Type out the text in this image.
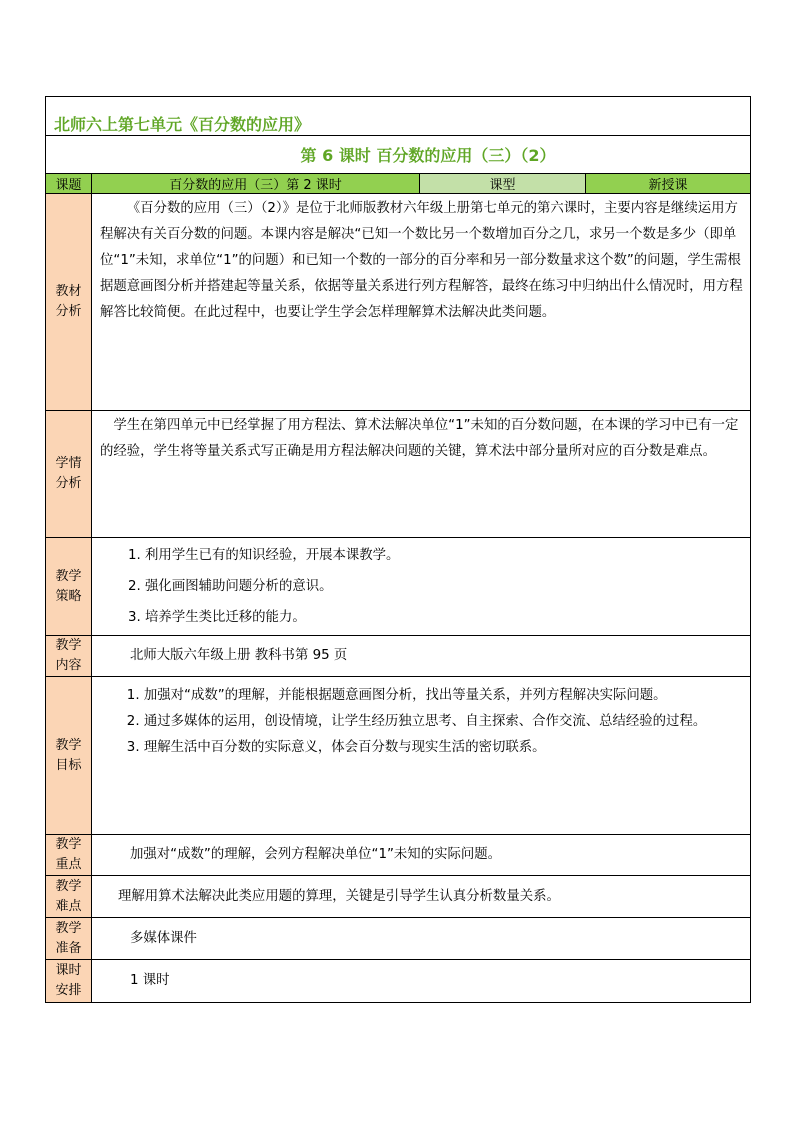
北师六上第七单元《百分数的应用》			
第 6 课时 百分数的应用（三）（2）			
课题	百分数的应用（三）第 2 课时	课型	新授课
教材分析	《百分数的应用（三）（2）》是位于北师版教材六年级上册第七单元的第六课时，主要内容是继续运用方程解决有关百分数的问题。本课内容是解决“已知一个数比另一个数增加百分之几，求另一个数是多少（即单位“1”未知，求单位“1”的问题）和已知一个数的一部分的百分率和另一部分数量求这个数”的问题，学生需根据题意画图分析并搭建起等量关系，依据等量关系进行列方程解答，最终在练习中归纳出什么情况时，用方程解答比较简便。在此过程中，也要让学生学会怎样理解算术法解决此类问题。		

学情分析	学生在第四单元中已经掌握了用方程法、算术法解决单位“1”未知的百分数问题，在本课的学习中已有一定的经验，学生将等量关系式写正确是用方程法解决问题的关键，算术法中部分量所对应的百分数是难点。		

教学策略	1. 利用学生已有的知识经验，开展本课教学。

2. 强化画图辅助问题分析的意识。

3. 培养学生类比迁移的能力。		

教学内容	北师大版六年级上册 教科书第 95 页		
教学目标	1. 加强对“成数”的理解，并能根据题意画图分析，找出等量关系，并列方程解决实际问题。

2. 通过多媒体的运用，创设情境，让学生经历独立思考、自主探索、合作交流、总结经验的过程。

3. 理解生活中百分数的实际意义，体会百分数与现实生活的密切联系。		

教学重点	加强对“成数”的理解，会列方程解决单位“1”未知的实际问题。		
教学难点	理解用算术法解决此类应用题的算理，关键是引导学生认真分析数量关系。		
教学准备	多媒体课件		
课时安排	1 课时		
